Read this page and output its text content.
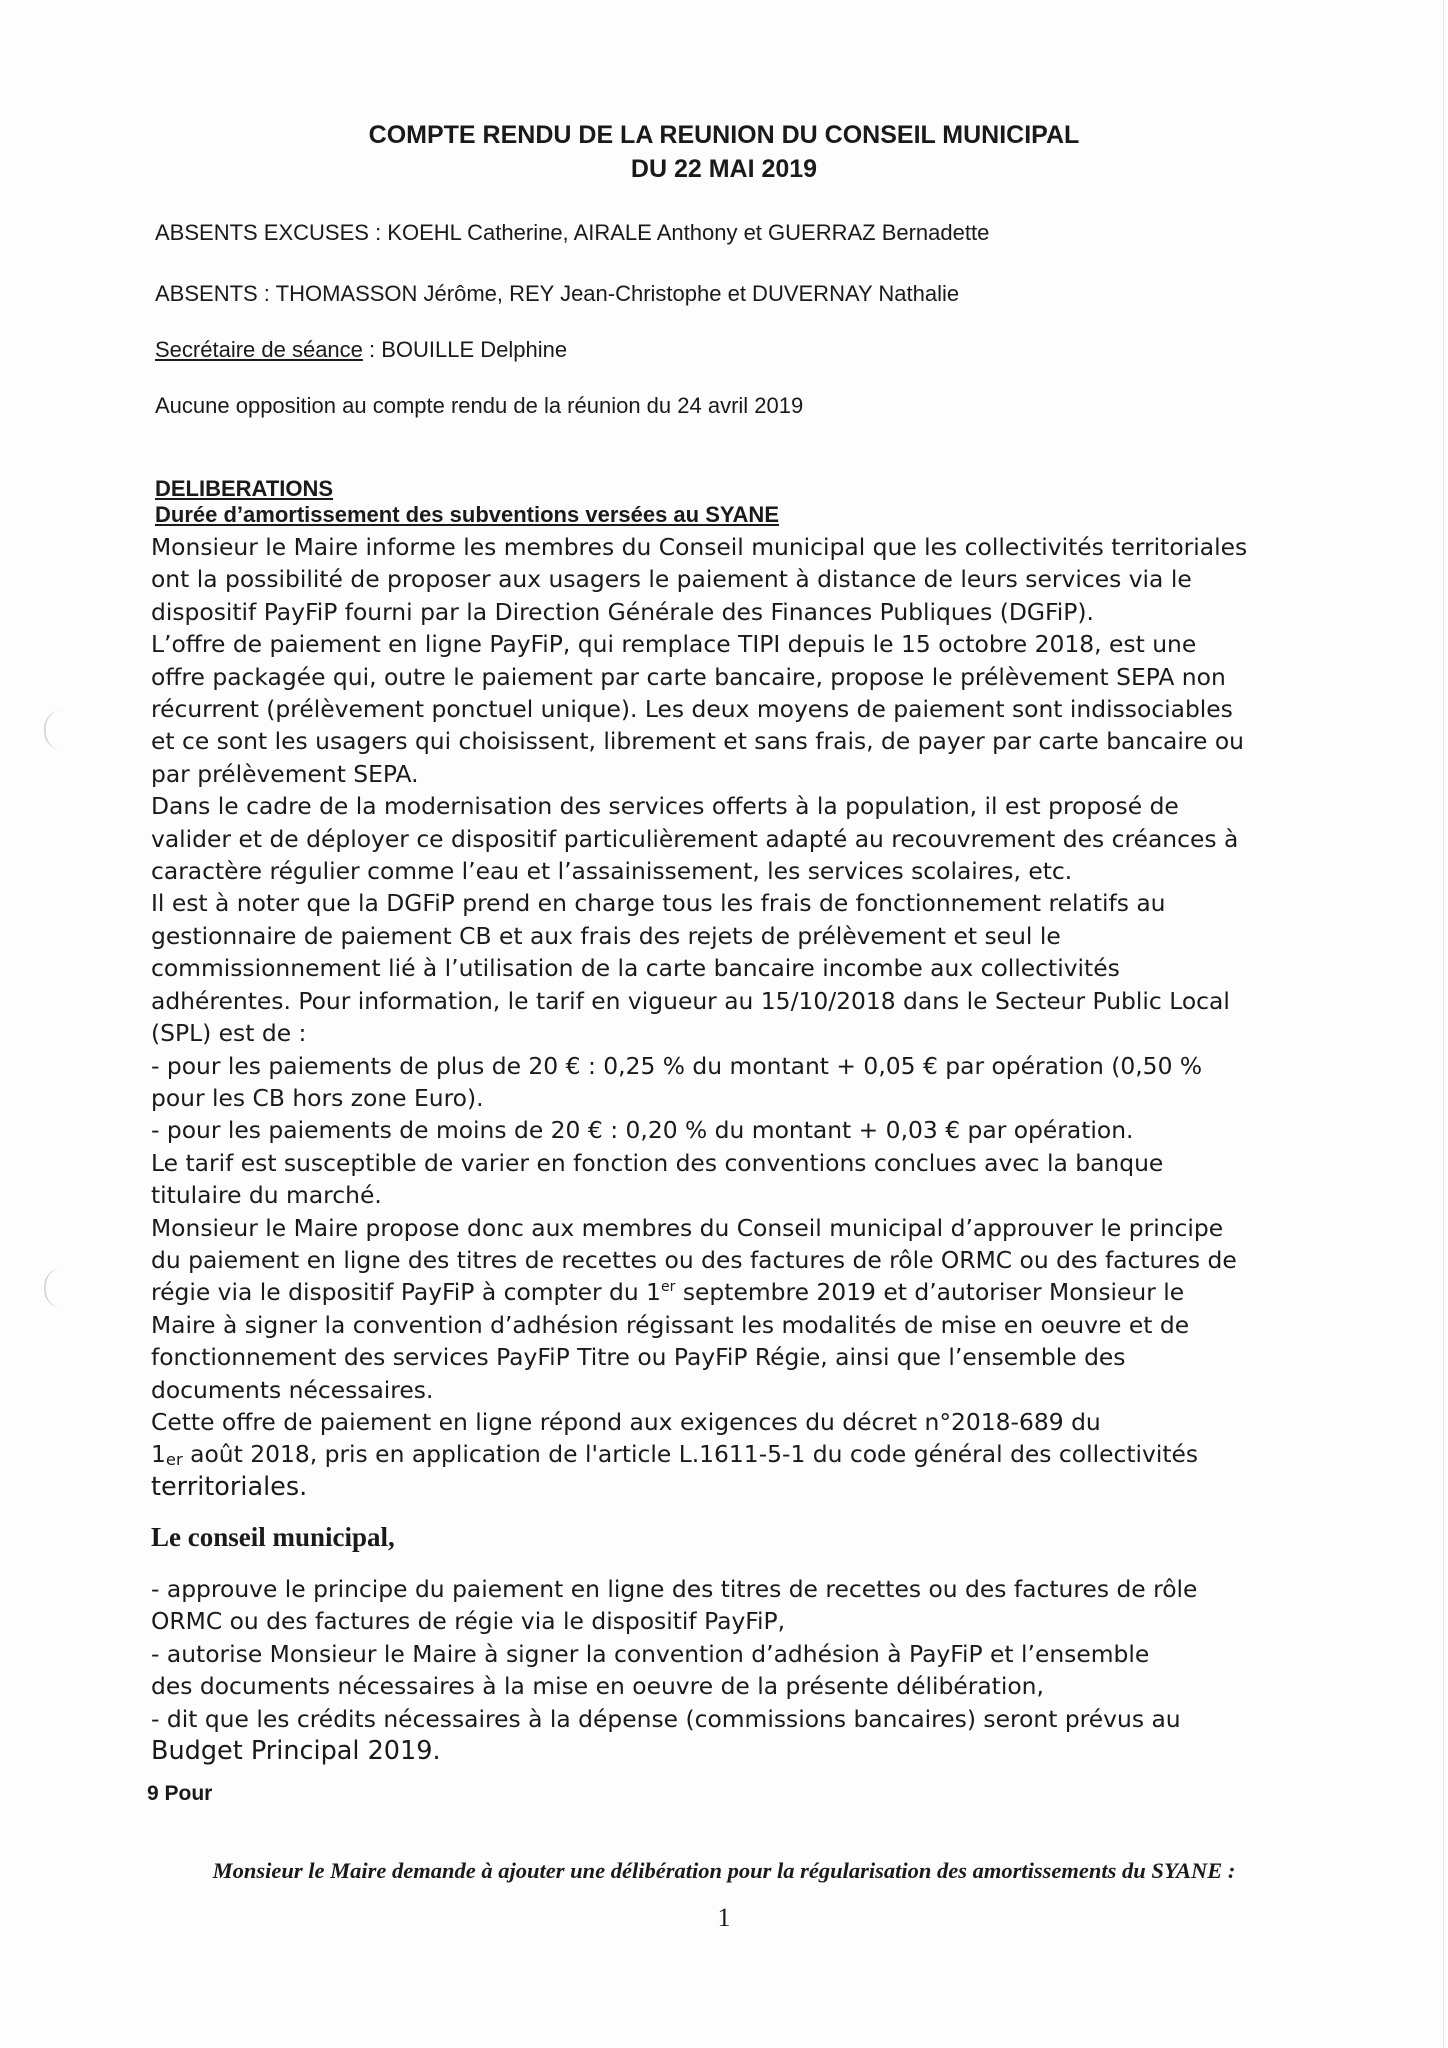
COMPTE RENDU DE LA REUNION DU CONSEIL MUNICIPAL

DU 22 MAI 2019

ABSENTS EXCUSES : KOEHL Catherine, AIRALE Anthony et GUERRAZ Bernadette

ABSENTS : THOMASSON Jérôme, REY Jean-Christophe et DUVERNAY Nathalie

Secrétaire de séance : BOUILLE Delphine

Aucune opposition au compte rendu de la réunion du 24 avril 2019

DELIBERATIONS

Durée d’amortissement des subventions versées au SYANE

Monsieur le Maire informe les membres du Conseil municipal que les collectivités territoriales
ont la possibilité de proposer aux usagers le paiement à distance de leurs services via le
dispositif PayFiP fourni par la Direction Générale des Finances Publiques (DGFiP).
L’offre de paiement en ligne PayFiP, qui remplace TIPI depuis le 15 octobre 2018, est une
offre packagée qui, outre le paiement par carte bancaire, propose le prélèvement SEPA non
récurrent (prélèvement ponctuel unique). Les deux moyens de paiement sont indissociables
et ce sont les usagers qui choisissent, librement et sans frais, de payer par carte bancaire ou
par prélèvement SEPA.
Dans le cadre de la modernisation des services offerts à la population, il est proposé de
valider et de déployer ce dispositif particulièrement adapté au recouvrement des créances à
caractère régulier comme l’eau et l’assainissement, les services scolaires, etc.
Il est à noter que la DGFiP prend en charge tous les frais de fonctionnement relatifs au
gestionnaire de paiement CB et aux frais des rejets de prélèvement et seul le
commissionnement lié à l’utilisation de la carte bancaire incombe aux collectivités
adhérentes. Pour information, le tarif en vigueur au 15/10/2018 dans le Secteur Public Local
(SPL) est de :
- pour les paiements de plus de 20 € : 0,25 % du montant + 0,05 € par opération (0,50 %
pour les CB hors zone Euro).
- pour les paiements de moins de 20 € : 0,20 % du montant + 0,03 € par opération.
Le tarif est susceptible de varier en fonction des conventions conclues avec la banque
titulaire du marché.
Monsieur le Maire propose donc aux membres du Conseil municipal d’approuver le principe
du paiement en ligne des titres de recettes ou des factures de rôle ORMC ou des factures de
régie via le dispositif PayFiP à compter du 1er septembre 2019 et d’autoriser Monsieur le
Maire à signer la convention d’adhésion régissant les modalités de mise en oeuvre et de
fonctionnement des services PayFiP Titre ou PayFiP Régie, ainsi que l’ensemble des
documents nécessaires.
Cette offre de paiement en ligne répond aux exigences du décret n°2018-689 du
$1_{er}$ août 2018, pris en application de l'article L.1611-5-1 du code général des collectivités
territoriales.

Le conseil municipal,

- approuve le principe du paiement en ligne des titres de recettes ou des factures de rôle
ORMC ou des factures de régie via le dispositif PayFiP,
- autorise Monsieur le Maire à signer la convention d’adhésion à PayFiP et l’ensemble
des documents nécessaires à la mise en oeuvre de la présente délibération,
- dit que les crédits nécessaires à la dépense (commissions bancaires) seront prévus au
Budget Principal 2019.

9 Pour

Monsieur le Maire demande à ajouter une délibération pour la régularisation des amortissements du SYANE :

1
